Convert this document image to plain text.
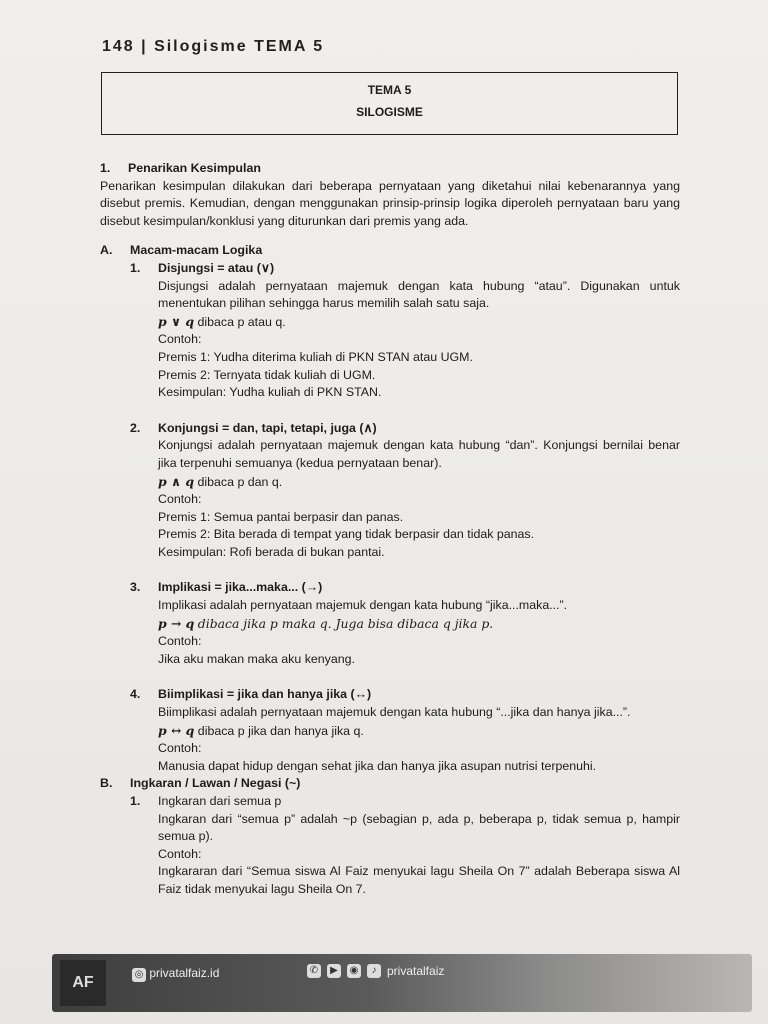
148 | Silogisme TEMA 5
TEMA 5
SILOGISME
1. Penarikan Kesimpulan
Penarikan kesimpulan dilakukan dari beberapa pernyataan yang diketahui nilai kebenarannya yang disebut premis. Kemudian, dengan menggunakan prinsip-prinsip logika diperoleh pernyataan baru yang disebut kesimpulan/konklusi yang diturunkan dari premis yang ada.
A. Macam-macam Logika
1. Disjungsi = atau (∨)
Disjungsi adalah pernyataan majemuk dengan kata hubung “atau”. Digunakan untuk menentukan pilihan sehingga harus memilih salah satu saja.
p ∨ q dibaca p atau q.
Contoh:
Premis 1: Yudha diterima kuliah di PKN STAN atau UGM.
Premis 2: Ternyata tidak kuliah di UGM.
Kesimpulan: Yudha kuliah di PKN STAN.
2. Konjungsi = dan, tapi, tetapi, juga (∧)
Konjungsi adalah pernyataan majemuk dengan kata hubung “dan”. Konjungsi bernilai benar jika terpenuhi semuanya (kedua pernyataan benar).
p ∧ q dibaca p dan q.
Contoh:
Premis 1: Semua pantai berpasir dan panas.
Premis 2: Bita berada di tempat yang tidak berpasir dan tidak panas.
Kesimpulan: Rofi berada di bukan pantai.
3. Implikasi = jika...maka... (→)
Implikasi adalah pernyataan majemuk dengan kata hubung “jika...maka...”.
p → q dibaca jika p maka q. Juga bisa dibaca q jika p.
Contoh:
Jika aku makan maka aku kenyang.
4. Biimplikasi = jika dan hanya jika (↔)
Biimplikasi adalah pernyataan majemuk dengan kata hubung “...jika dan hanya jika...”.
p ↔ q dibaca p jika dan hanya jika q.
Contoh:
Manusia dapat hidup dengan sehat jika dan hanya jika asupan nutrisi terpenuhi.
B. Ingkaran / Lawan / Negasi (~)
1. Ingkaran dari semua p
Ingkaran dari “semua p” adalah ~p (sebagian p, ada p, beberapa p, tidak semua p, hampir semua p).
Contoh:
Ingkararan dari “Semua siswa Al Faiz menyukai lagu Sheila On 7” adalah Beberapa siswa Al Faiz tidak menyukai lagu Sheila On 7.
AF	◎ privatalfaiz.id	✆	▶	◉	♪ privatalfaiz
